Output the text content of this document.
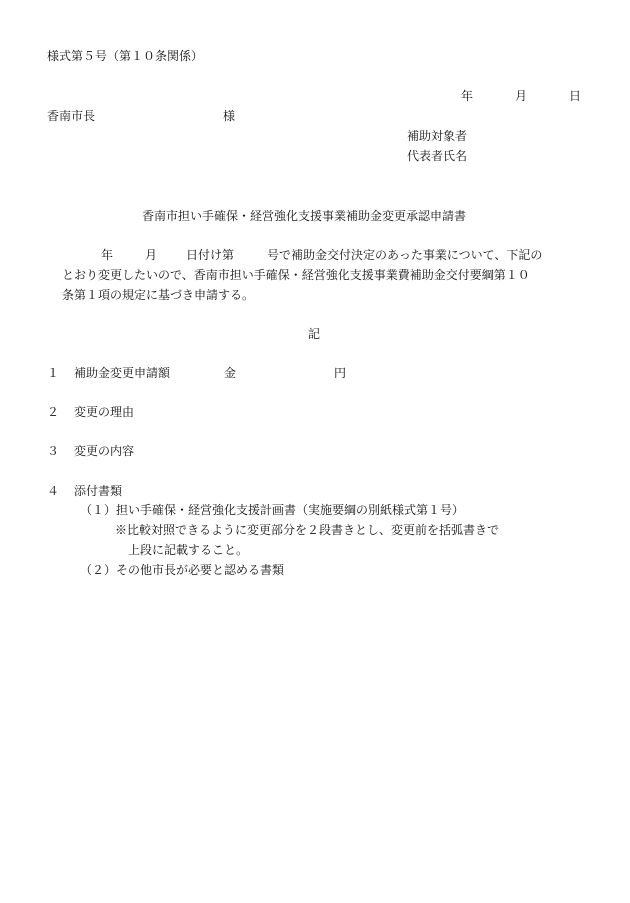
様式第５号（第１０条関係）
年	月	日
香南市長	様
補助対象者
代表者氏名
香南市担い手確保・経営強化支援事業補助金変更承認申請書
年	月 日付け第	号で補助金交付決定のあった事業について、下記の
とおり変更したいので、香南市担い手確保・経営強化支援事業費補助金交付要綱第１０
条第１項の規定に基づき申請する。
記
１ 補助金変更申請額	金	円
２ 変更の理由
３ 変更の内容
４ 添付書類
（１）担い手確保・経営強化支援計画書（実施要綱の別紙様式第１号）
※比較対照できるように変更部分を２段書きとし、変更前を括弧書きで
上段に記載すること。
（２）その他市長が必要と認める書類
